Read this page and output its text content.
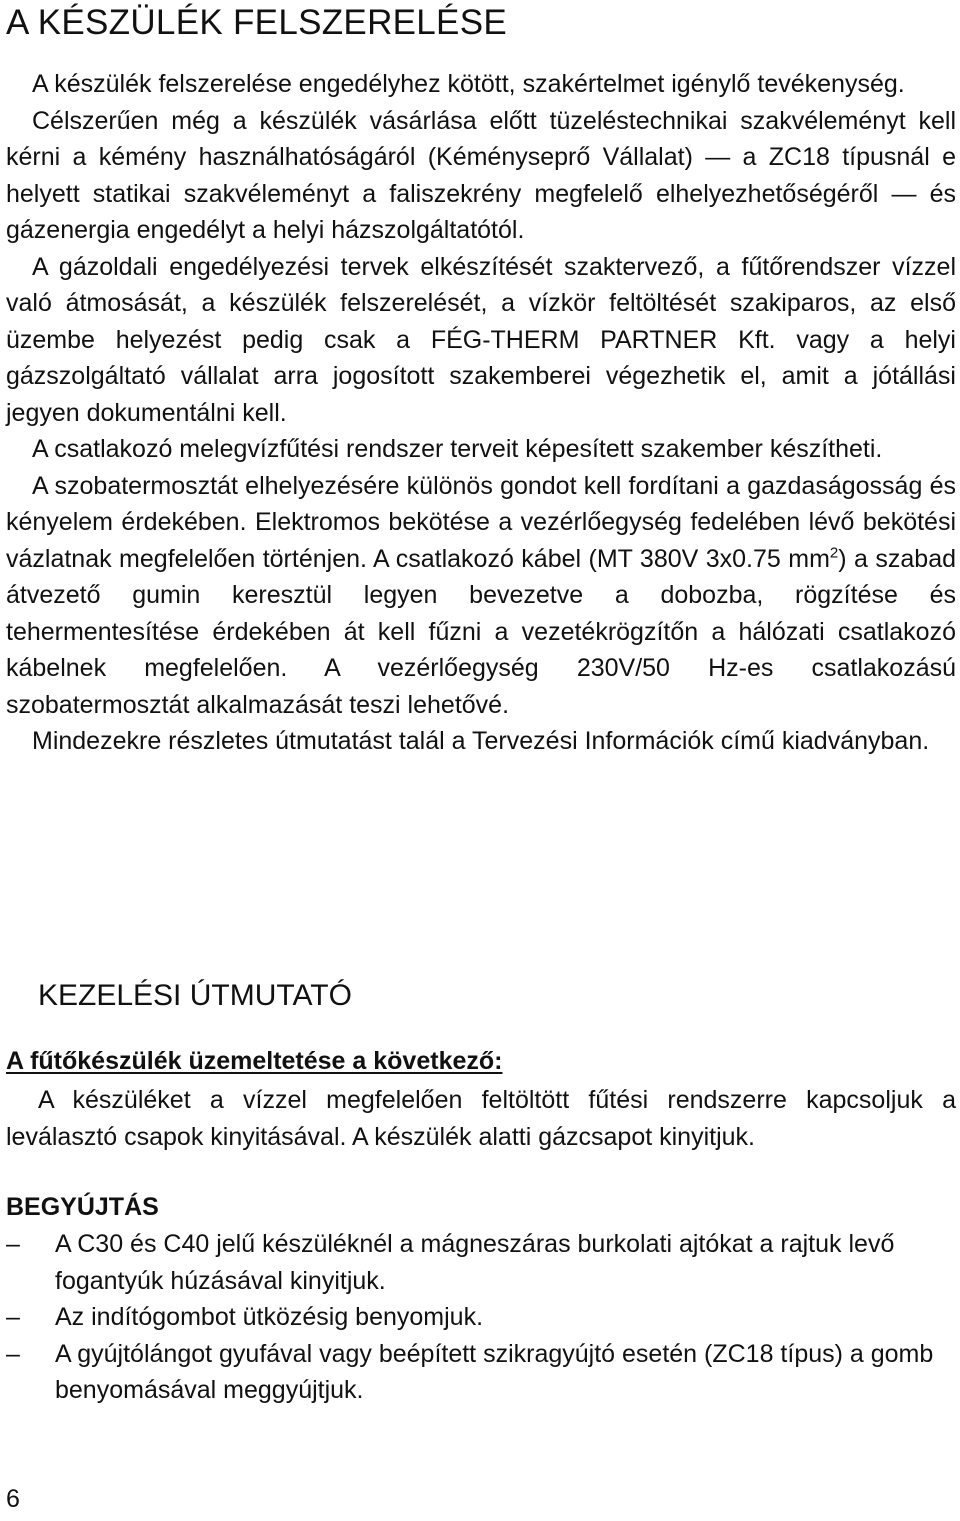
A KÉSZÜLÉK FELSZERELÉSE

A készülék felszerelése engedélyhez kötött, szakértelmet igénylő tevékenység.

Célszerűen még a készülék vásárlása előtt tüzeléstechnikai szakvéleményt kell kérni a kémény használhatóságáról (Kéményseprő Vállalat) — a ZC18 típusnál e helyett statikai szakvéleményt a faliszekrény megfelelő elhelyezhetőségéről — és gázenergia engedélyt a helyi házszolgáltatótól.

A gázoldali engedélyezési tervek elkészítését szaktervező, a fűtőrendszer vízzel való átmosását, a készülék felszerelését, a vízkör feltöltését szakiparos, az első üzembe helyezést pedig csak a FÉG-THERM PARTNER Kft. vagy a helyi gázszolgáltató vállalat arra jogosított szakemberei végezhetik el, amit a jótállási jegyen dokumentálni kell.

A csatlakozó melegvízfűtési rendszer terveit képesített szakember készítheti.

A szobatermosztát elhelyezésére különös gondot kell fordítani a gazdaságosság és kényelem érdekében. Elektromos bekötése a vezérlőegység fedelében lévő bekötési vázlatnak megfelelően történjen. A csatlakozó kábel (MT 380V 3x0.75 $mm^2$) a szabad átvezető gumin keresztül legyen bevezetve a dobozba, rögzítése és tehermentesítése érdekében át kell fűzni a vezetékrögzítőn a hálózati csatlakozó kábelnek megfelelően. A vezérlőegység 230V/50 Hz-es csatlakozású szobatermosztát alkalmazását teszi lehetővé.

Mindezekre részletes útmutatást talál a Tervezési Információk című kiadványban.

KEZELÉSI ÚTMUTATÓ
A fűtőkészülék üzemeltetése a következő:

A készüléket a vízzel megfelelően feltöltött fűtési rendszerre kapcsoljuk a leválasztó csapok kinyitásával. A készülék alatti gázcsapot kinyitjuk.

BEGYÚJTÁS
– A C30 és C40 jelű készüléknél a mágneszáras burkolati ajtókat a rajtuk levő fogantyúk húzásával kinyitjuk.
– Az indítógombot ütközésig benyomjuk.
– A gyújtólángot gyufával vagy beépített szikragyújtó esetén (ZC18 típus) a gomb benyomásával meggyújtjuk.
6
